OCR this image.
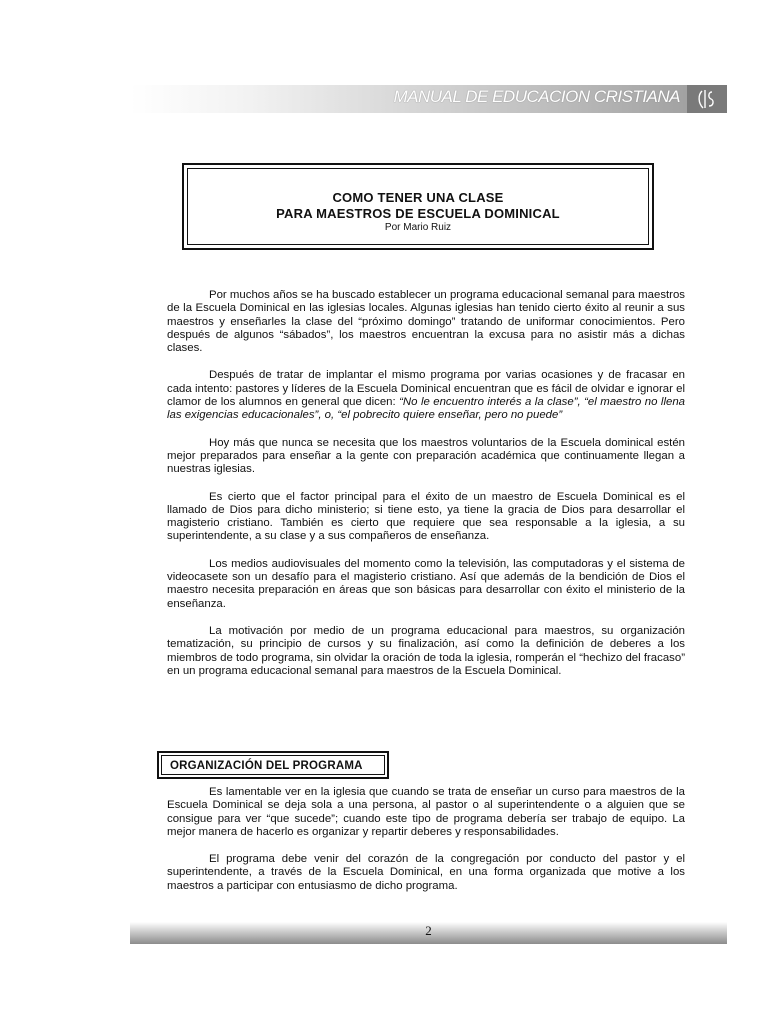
MANUAL DE EDUCACION CRISTIANA
COMO TENER UNA CLASE
PARA MAESTROS DE ESCUELA DOMINICAL
Por Mario Ruiz

Por muchos años se ha buscado establecer un programa educacional semanal para maestros de la Escuela Dominical en las iglesias locales. Algunas iglesias han tenido cierto éxito al reunir a sus maestros y enseñarles la clase del “próximo domingo” tratando de uniformar conocimientos. Pero después de algunos “sábados”, los maestros encuentran la excusa para no asistir más a dichas clases.

Después de tratar de implantar el mismo programa por varias ocasiones y de fracasar en cada intento: pastores y líderes de la Escuela Dominical encuentran que es fácil de olvidar e ignorar el clamor de los alumnos en general que dicen: “No le encuentro interés a la clase”, “el maestro no llena las exigencias educacionales”, o, “el pobrecito quiere enseñar, pero no puede”

Hoy más que nunca se necesita que los maestros voluntarios de la Escuela dominical estén mejor preparados para enseñar a la gente con preparación académica que continuamente llegan a nuestras iglesias.

Es cierto que el factor principal para el éxito de un maestro de Escuela Dominical es el llamado de Dios para dicho ministerio; si tiene esto, ya tiene la gracia de Dios para desarrollar el magisterio cristiano. También es cierto que requiere que sea responsable a la iglesia, a su superintendente, a su clase y a sus compañeros de enseñanza.

Los medios audiovisuales del momento como la televisión, las computadoras y el sistema de videocasete son un desafío para el magisterio cristiano. Así que además de la bendición de Dios el maestro necesita preparación en áreas que son básicas para desarrollar con éxito el ministerio de la enseñanza.

La motivación por medio de un programa educacional para maestros, su organización tematización, su principio de cursos y su finalización, así como la definición de deberes a los miembros de todo programa, sin olvidar la oración de toda la iglesia, romperán el “hechizo del fracaso” en un programa educacional semanal para maestros de la Escuela Dominical.

ORGANIZACIÓN DEL PROGRAMA

Es lamentable ver en la iglesia que cuando se trata de enseñar un curso para maestros de la Escuela Dominical se deja sola a una persona, al pastor o al superintendente o a alguien que se consigue para ver “que sucede”; cuando este tipo de programa debería ser trabajo de equipo. La mejor manera de hacerlo es organizar y repartir deberes y responsabilidades.

El programa debe venir del corazón de la congregación por conducto del pastor y el superintendente, a través de la Escuela Dominical, en una forma organizada que motive a los maestros a participar con entusiasmo de dicho programa.

2
